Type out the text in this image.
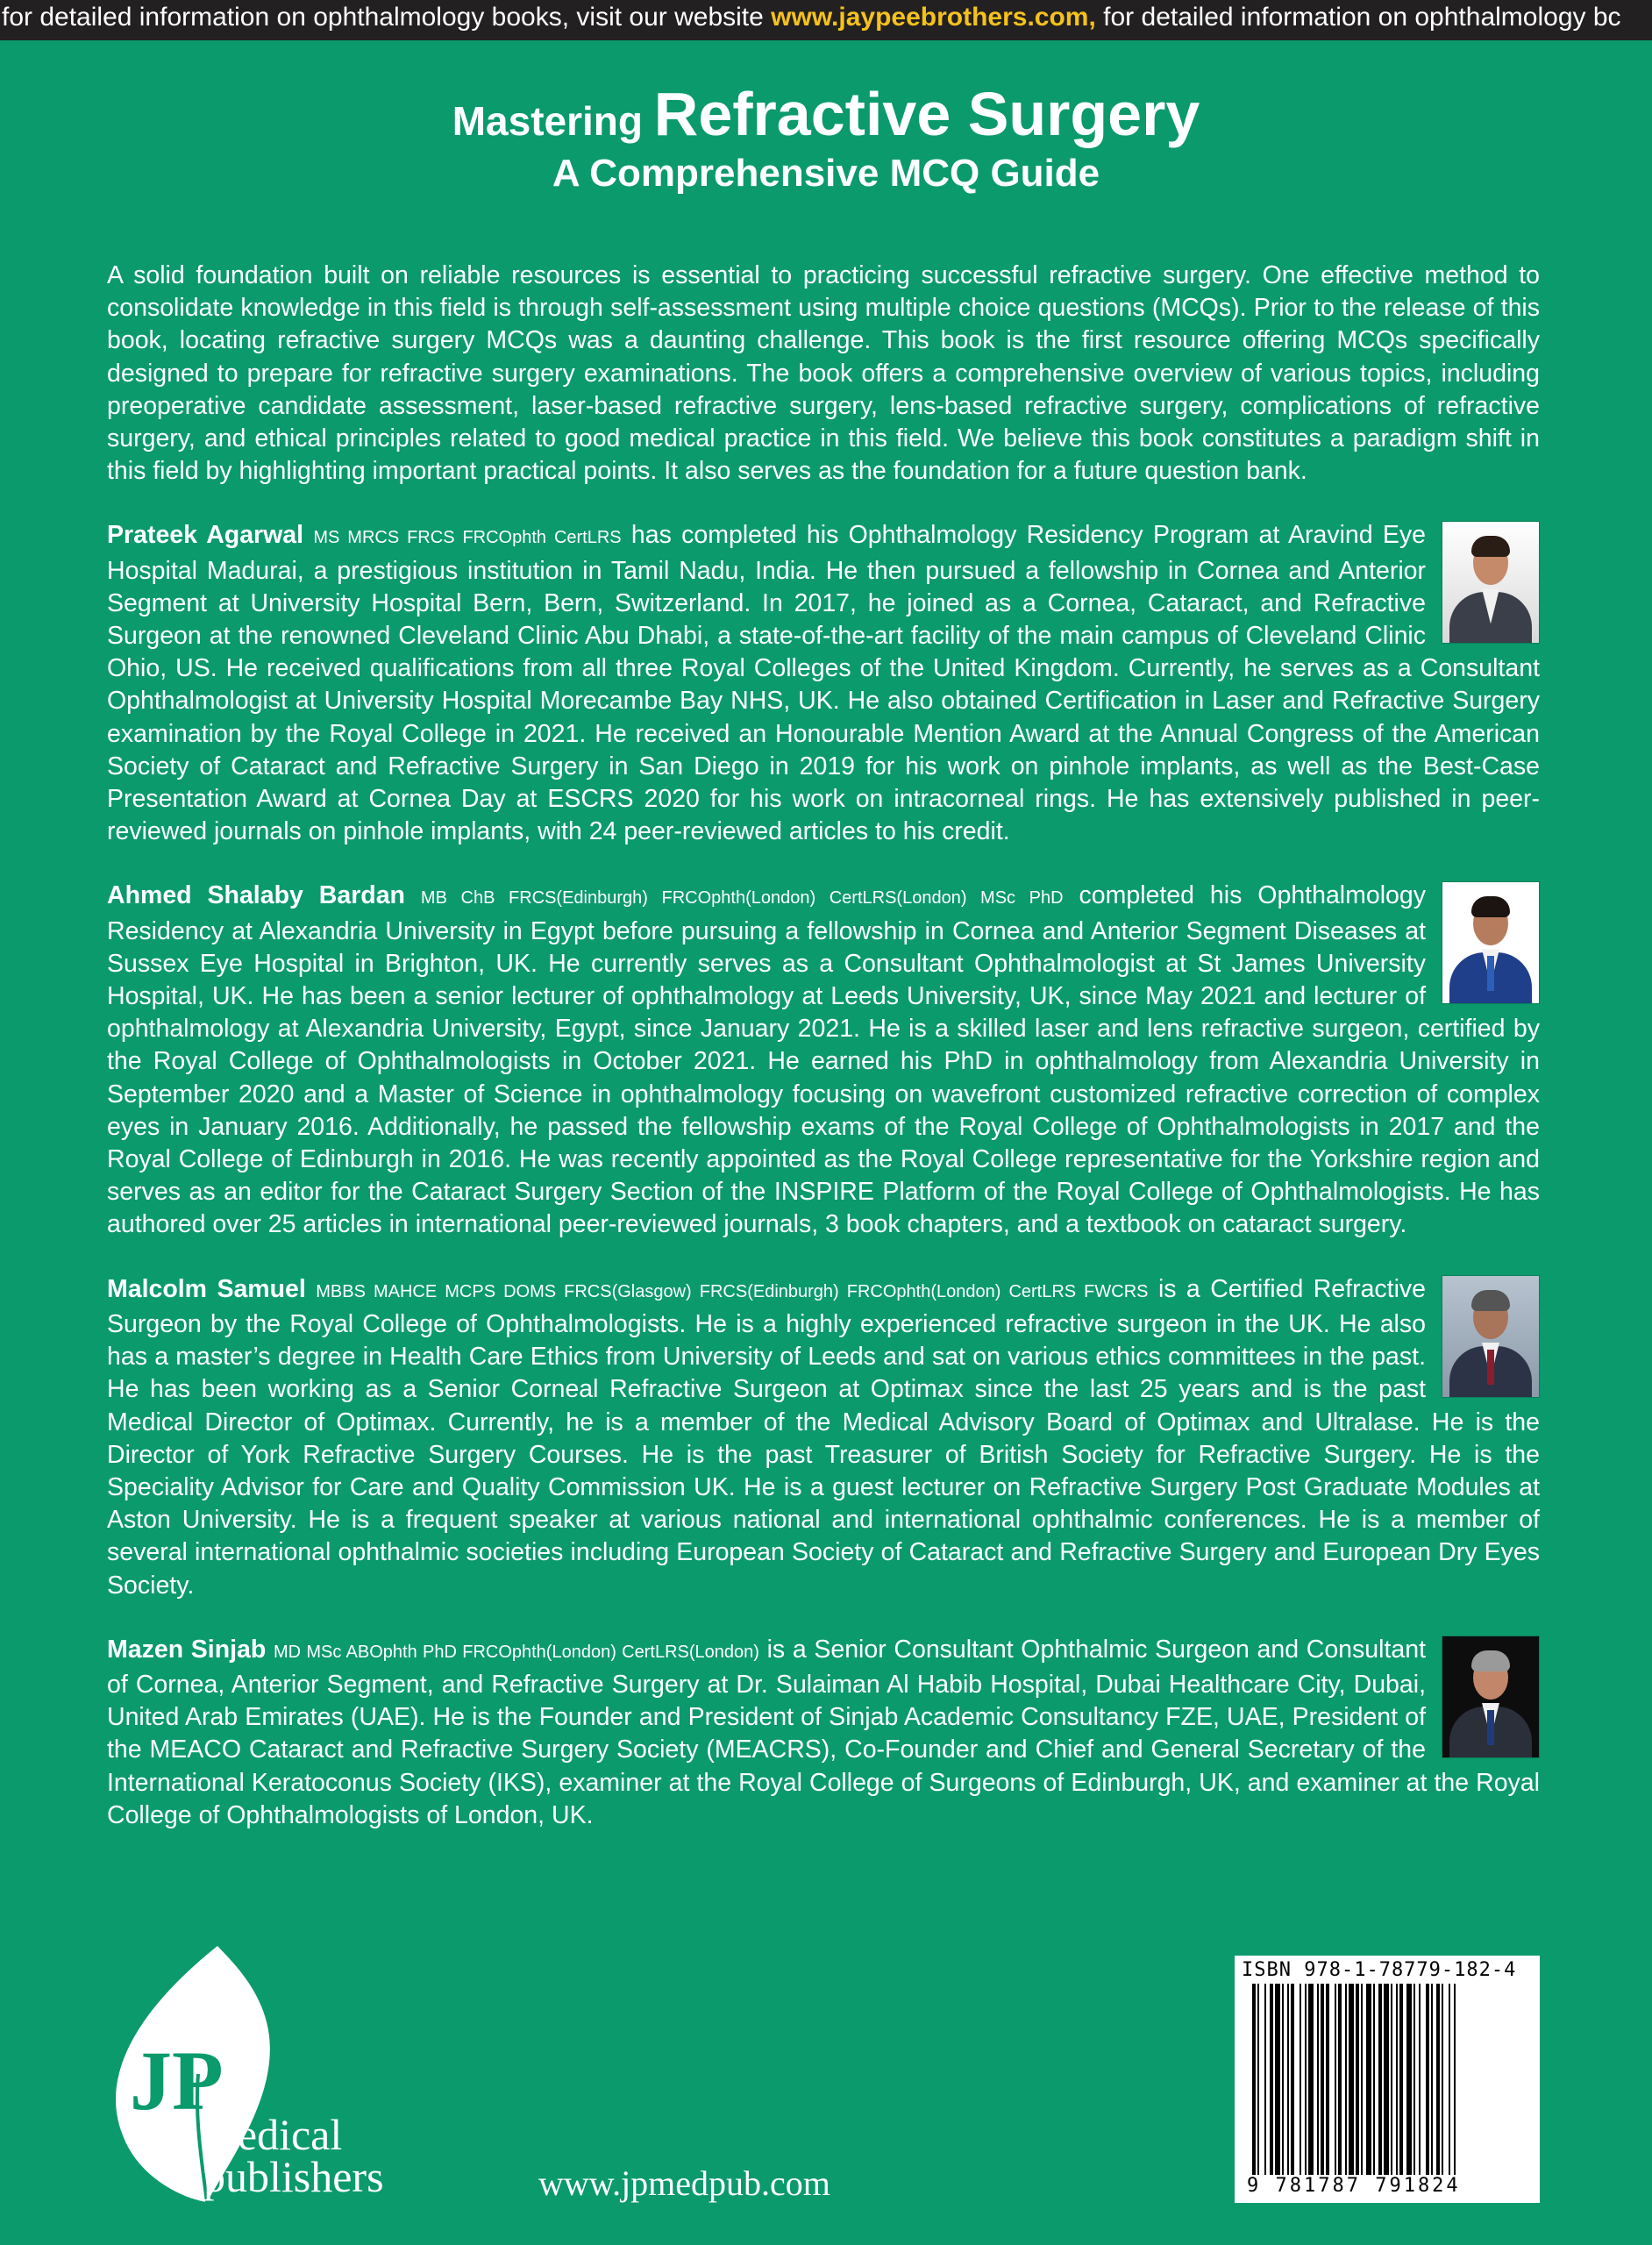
for detailed information on ophthalmology books, visit our website www.jaypeebrothers.com, for detailed information on ophthalmology bc
Mastering Refractive Surgery
A Comprehensive MCQ Guide

A solid foundation built on reliable resources is essential to practicing successful refractive surgery. One effective method to consolidate knowledge in this field is through self-assessment using multiple choice questions (MCQs). Prior to the release of this book, locating refractive surgery MCQs was a daunting challenge. This book is the first resource offering MCQs specifically designed to prepare for refractive surgery examinations. The book offers a comprehensive overview of various topics, including preoperative candidate assessment, laser-based refractive surgery, lens-based refractive surgery, complications of refractive surgery, and ethical principles related to good medical practice in this field. We believe this book constitutes a paradigm shift in this field by highlighting important practical points. It also serves as the foundation for a future question bank.

Prateek Agarwal MS MRCS FRCS FRCOphth CertLRS has completed his Ophthalmology Residency Program at Aravind Eye Hospital Madurai, a prestigious institution in Tamil Nadu, India. He then pursued a fellowship in Cornea and Anterior Segment at University Hospital Bern, Bern, Switzerland. In 2017, he joined as a Cornea, Cataract, and Refractive Surgeon at the renowned Cleveland Clinic Abu Dhabi, a state-of-the-art facility of the main campus of Cleveland Clinic Ohio, US. He received qualifications from all three Royal Colleges of the United Kingdom. Currently, he serves as a Consultant Ophthalmologist at University Hospital Morecambe Bay NHS, UK. He also obtained Certification in Laser and Refractive Surgery examination by the Royal College in 2021. He received an Honourable Mention Award at the Annual Congress of the American Society of Cataract and Refractive Surgery in San Diego in 2019 for his work on pinhole implants, as well as the Best-Case Presentation Award at Cornea Day at ESCRS 2020 for his work on intracorneal rings. He has extensively published in peer-reviewed journals on pinhole implants, with 24 peer-reviewed articles to his credit.
Ahmed Shalaby Bardan MB ChB FRCS(Edinburgh) FRCOphth(London) CertLRS(London) MSc PhD completed his Ophthalmology Residency at Alexandria University in Egypt before pursuing a fellowship in Cornea and Anterior Segment Diseases at Sussex Eye Hospital in Brighton, UK. He currently serves as a Consultant Ophthalmologist at St James University Hospital, UK. He has been a senior lecturer of ophthalmology at Leeds University, UK, since May 2021 and lecturer of ophthalmology at Alexandria University, Egypt, since January 2021. He is a skilled laser and lens refractive surgeon, certified by the Royal College of Ophthalmologists in October 2021. He earned his PhD in ophthalmology from Alexandria University in September 2020 and a Master of Science in ophthalmology focusing on wavefront customized refractive correction of complex eyes in January 2016. Additionally, he passed the fellowship exams of the Royal College of Ophthalmologists in 2017 and the Royal College of Edinburgh in 2016. He was recently appointed as the Royal College representative for the Yorkshire region and serves as an editor for the Cataract Surgery Section of the INSPIRE Platform of the Royal College of Ophthalmologists. He has authored over 25 articles in international peer-reviewed journals, 3 book chapters, and a textbook on cataract surgery.
Malcolm Samuel MBBS MAHCE MCPS DOMS FRCS(Glasgow) FRCS(Edinburgh) FRCOphth(London) CertLRS FWCRS is a Certified Refractive Surgeon by the Royal College of Ophthalmologists. He is a highly experienced refractive surgeon in the UK. He also has a master’s degree in Health Care Ethics from University of Leeds and sat on various ethics committees in the past. He has been working as a Senior Corneal Refractive Surgeon at Optimax since the last 25 years and is the past Medical Director of Optimax. Currently, he is a member of the Medical Advisory Board of Optimax and Ultralase. He is the Director of York Refractive Surgery Courses. He is the past Treasurer of British Society for Refractive Surgery. He is the Speciality Advisor for Care and Quality Commission UK. He is a guest lecturer on Refractive Surgery Post Graduate Modules at Aston University. He is a frequent speaker at various national and international ophthalmic conferences. He is a member of several international ophthalmic societies including European Society of Cataract and Refractive Surgery and European Dry Eyes Society.
Mazen Sinjab MD MSc ABOphth PhD FRCOphth(London) CertLRS(London) is a Senior Consultant Ophthalmic Surgeon and Consultant of Cornea, Anterior Segment, and Refractive Surgery at Dr. Sulaiman Al Habib Hospital, Dubai Healthcare City, Dubai, United Arab Emirates (UAE). He is the Founder and President of Sinjab Academic Consultancy FZE, UAE, President of the MEACO Cataract and Refractive Surgery Society (MEACRS), Co-Founder and Chief and General Secretary of the International Keratoconus Society (IKS), examiner at the Royal College of Surgeons of Edinburgh, UK, and examiner at the Royal College of Ophthalmologists of London, UK.
JP
medical
publishers	www.jpmedpub.com
ISBN 978-1-78779-182-4
9 781787 791824
